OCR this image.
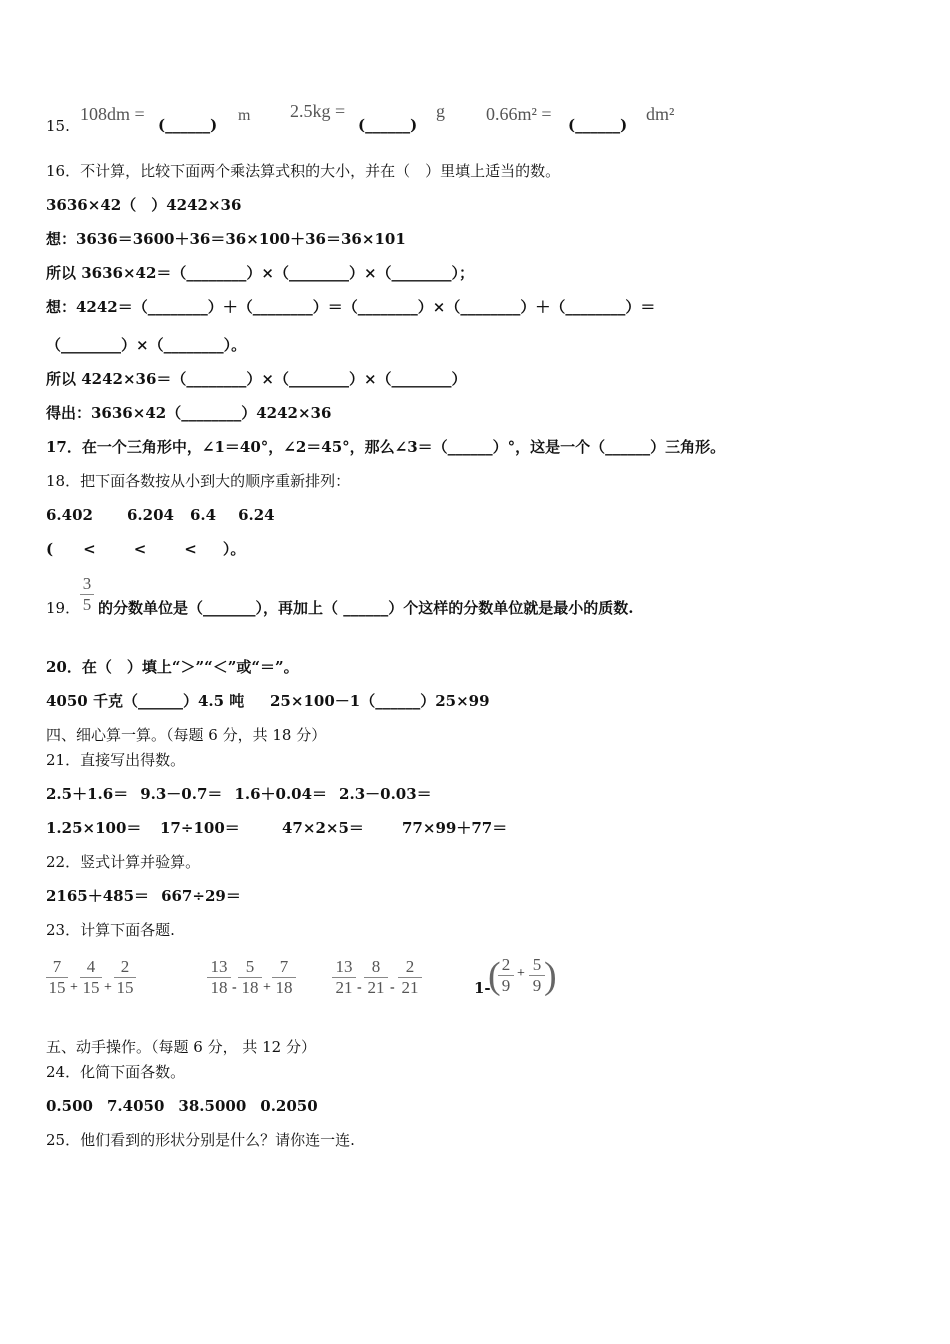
15.
108dm =
(______)
m 2.5kg =
(______)
g 0.66m² =
(______)
dm²
16．不计算，比较下面两个乘法算式积的大小，并在（　）里填上适当的数。
3636×42（　）4242×36
想：3636＝3600＋36＝36×100＋36＝36×101
所以 3636×42＝（________）×（________）×（________）；
想：4242＝（________）＋（________）＝（________）×（________）＋（________）＝
（________）×（________）。
所以 4242×36＝（________）×（________）×（________）
得出：3636×42（________）4242×36
17．在一个三角形中，∠1＝40°，∠2＝45°，那么∠3＝（______）°，这是一个（______）三角形。
18．把下面各数按从小到大的顺序重新排列：
6.402 6.204 6.4 6.24
( <	<	< ）。
19． $\frac{3}{5}$ 的分数单位是（_______），再加上（ ______）个这样的分数单位就是最小的质数.
20．在（　）填上“＞”“＜”或“＝”。
4050 千克（______）4.5 吨 25×100－1（______）25×99
四、细心算一算。（每题 6 分，共 18 分）
21．直接写出得数。
2.5＋1.6＝ 9.3－0.7＝ 1.6＋0.04＝ 2.3－0.03＝
1.25×100＝ 17÷100＝	47×2×5＝	77×99＋77＝
22．竖式计算并验算。
2165＋485＝ 667÷29＝
23．计算下面各题.
$\frac{7}{15} + \frac{4}{15} + \frac{2}{15}$	$\frac{13}{18} - \frac{5}{18} + \frac{7}{18} \frac{13}{21} - \frac{8}{21} - \frac{2}{21}$	1-
(
$\frac{2}{9} + \frac{5}{9}$ )
五、动手操作。（每题 6 分， 共 12 分）
24．化简下面各数。
0.500 7.4050 38.5000 0.2050
25．他们看到的形状分别是什么？请你连一连.
